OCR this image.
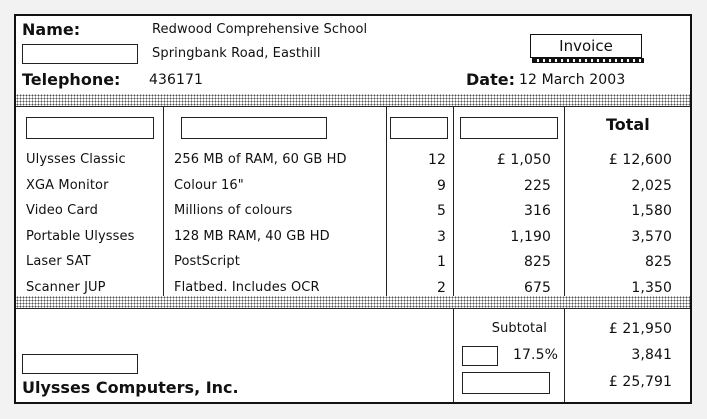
Name:	Redwood Comprehensive School
Springbank Road, Easthill
Telephone: 436171
Invoice
Date: 12 March 2003
Total
Ulysses Classic	256 MB of RAM, 60 GB HD	12	£ 1,050	£ 12,600
XGA Monitor	Colour 16"	9	225	2,025
Video Card	Millions of colours	5	316	1,580
Portable Ulysses	128 MB RAM, 40 GB HD	3	1,190	3,570
Laser SAT	PostScript	1	825	825
Scanner JUP	Flatbed. Includes OCR	2	675	1,350
Subtotal	£ 21,950
17.5%	3,841
Ulysses Computers, Inc.	£ 25,791
